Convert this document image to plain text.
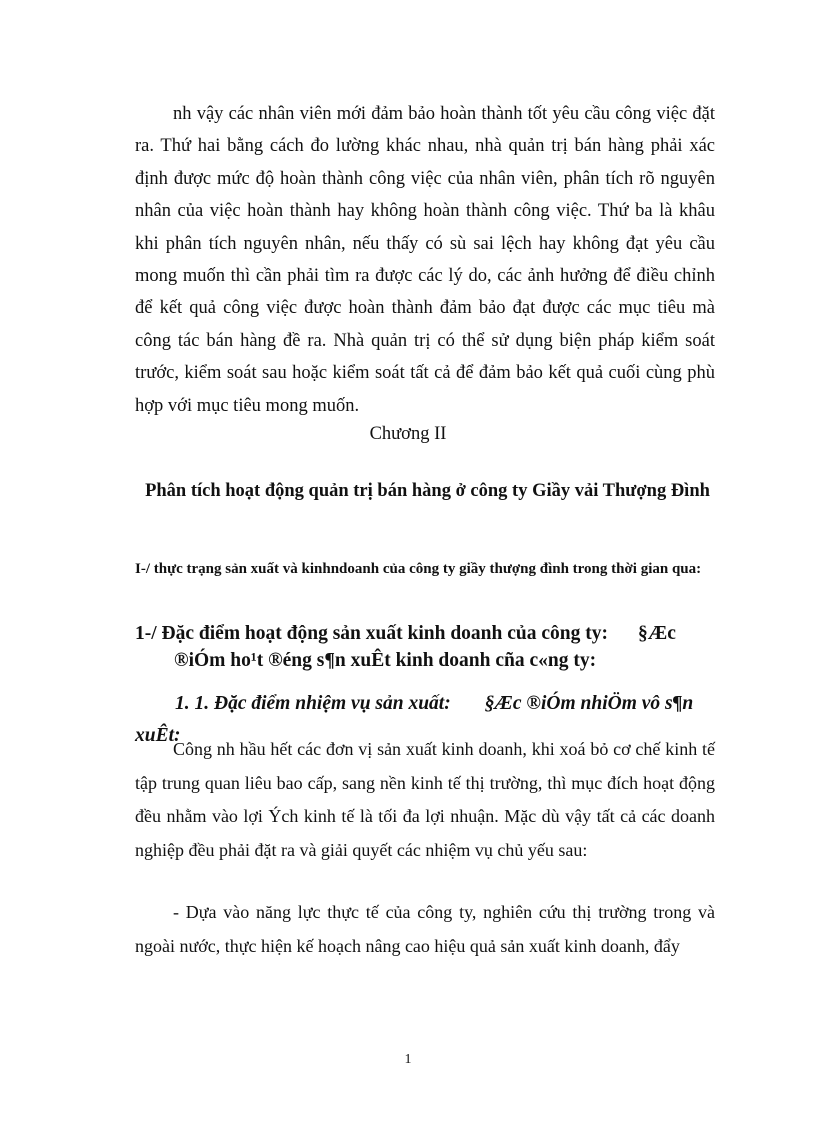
nh vậy các nhân viên mới đảm bảo hoàn thành tốt yêu cầu công việc đặt ra. Thứ hai bằng cách đo lường khác nhau, nhà quản trị bán hàng phải xác định được mức độ hoàn thành công việc của nhân viên, phân tích rõ nguyên nhân của việc hoàn thành hay không hoàn thành công việc. Thứ ba là khâu khi phân tích nguyên nhân, nếu thấy có sù sai lệch hay không đạt yêu cầu mong muốn thì cần phải tìm ra được các lý do, các ảnh hưởng để điều chỉnh để kết quả công việc được hoàn thành đảm bảo đạt được các mục tiêu mà công tác bán hàng đề ra. Nhà quản trị có thể sử dụng biện pháp kiểm soát trước, kiểm soát sau hoặc kiểm soát tất cả để đảm bảo kết quả cuối cùng phù hợp với mục tiêu mong muốn.

Chương II

Phân tích hoạt động quản trị bán hàng ở công ty Giầy vải Thượng Đình

I-/ thực trạng sản xuất và kinhndoanh của công ty giầy thượng đình trong thời gian qua:

1-/ Đặc điểm hoạt động sản xuất kinh doanh của công ty: §Æc

®iÓm ho¹t ®éng s¶n xuÊt kinh doanh cña c«ng ty:

1. 1. Đặc điểm nhiệm vụ sản xuất: §Æc ®iÓm nhiÖm vô s¶n xuÊt:

Công nh hầu hết các đơn vị sản xuất kinh doanh, khi xoá bỏ cơ chế kinh tế tập trung quan liêu bao cấp, sang nền kinh tế thị trường, thì mục đích hoạt động đều nhằm vào lợi Ých kinh tế là tối đa lợi nhuận. Mặc dù vậy tất cả các doanh nghiệp đều phải đặt ra và giải quyết các nhiệm vụ chủ yếu sau:

- Dựa vào năng lực thực tế của công ty, nghiên cứu thị trường trong và ngoài nước, thực hiện kế hoạch nâng cao hiệu quả sản xuất kinh doanh, đẩy

1
